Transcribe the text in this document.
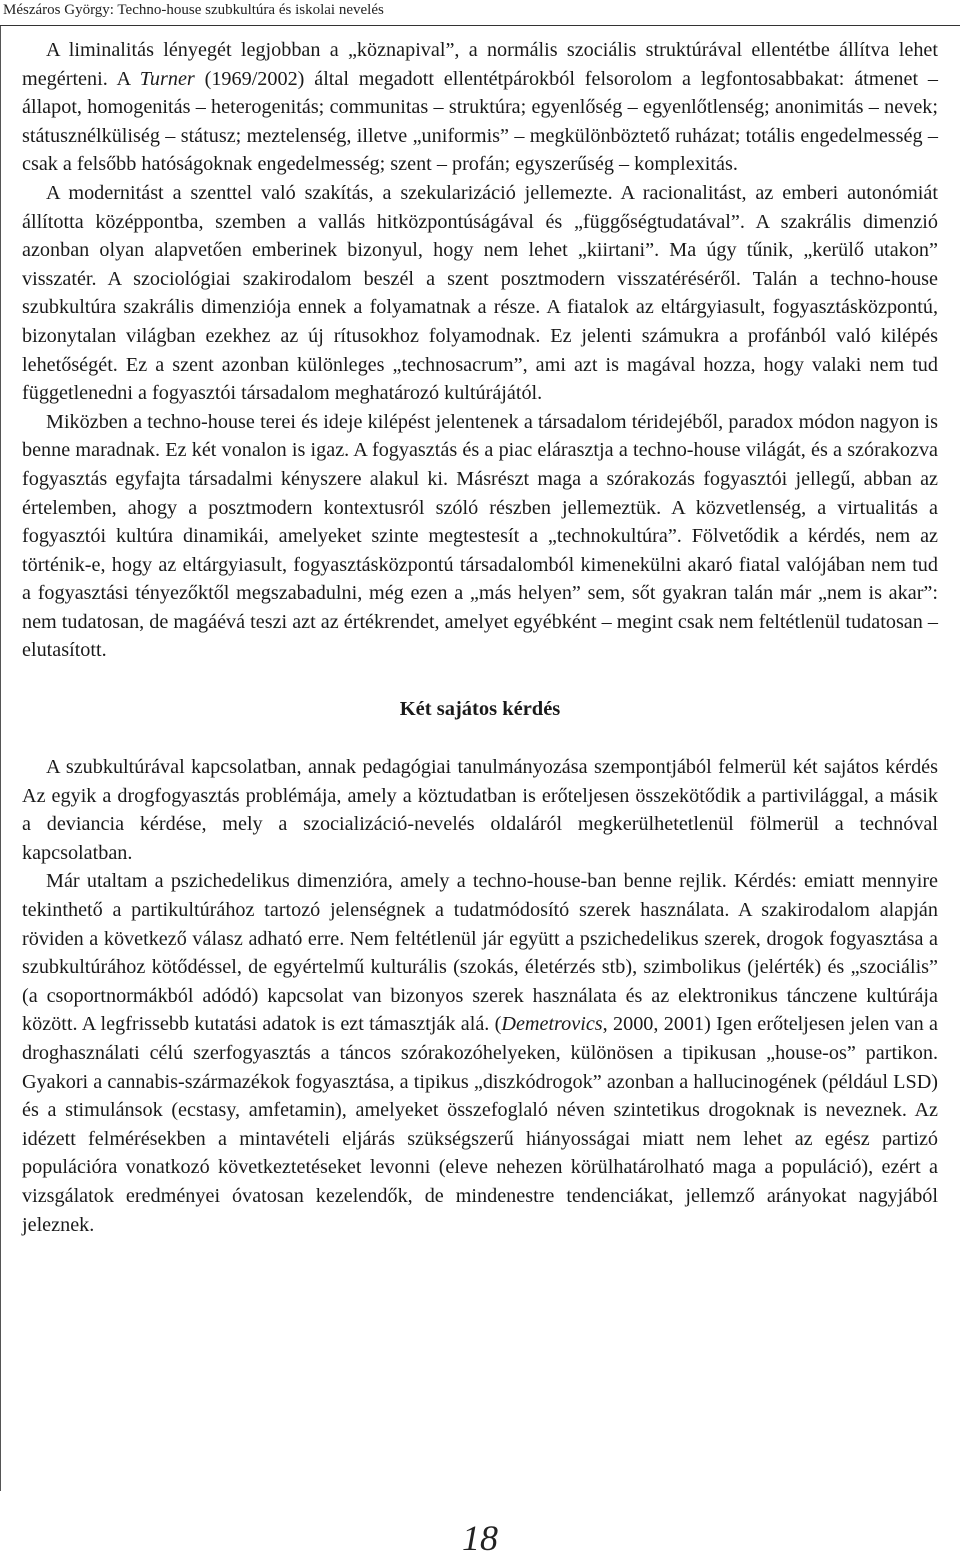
Mészáros György: Techno-house szubkultúra és iskolai nevelés

A liminalitás lényegét legjobban a „köznapival”, a normális szociális struktúrával ellentétbe állítva lehet megérteni. A Turner (1969/2002) által megadott ellentétpárokból felsorolom a legfontosabbakat: átmenet – állapot, homogenitás – heterogenitás; communitas – struktúra; egyenlőség – egyenlőtlenség; anonimitás – nevek; státusznélküliség – státusz; meztelenség, illetve „uniformis” – megkülönböztető ruházat; totális engedelmesség – csak a felsőbb hatóságoknak engedelmesség; szent – profán; egyszerűség – komplexitás.

A modernitást a szenttel való szakítás, a szekularizáció jellemezte. A racionalitást, az emberi autonómiát állította középpontba, szemben a vallás hitközpontúságával és „függőségtudatával”. A szakrális dimenzió azonban olyan alapvetően emberinek bizonyul, hogy nem lehet „kiirtani”. Ma úgy tűnik, „kerülő utakon” visszatér. A szociológiai szakirodalom beszél a szent posztmodern visszatéréséről. Talán a techno-house szubkultúra szakrális dimenziója ennek a folyamatnak a része. A fiatalok az eltárgyiasult, fogyasztásközpontú, bizonytalan világban ezekhez az új rítusokhoz folyamodnak. Ez jelenti számukra a profánból való kilépés lehetőségét. Ez a szent azonban különleges „technosacrum”, ami azt is magával hozza, hogy valaki nem tud függetlenedni a fogyasztói társadalom meghatározó kultúrájától.

Miközben a techno-house terei és ideje kilépést jelentenek a társadalom téridejéből, paradox módon nagyon is benne maradnak. Ez két vonalon is igaz. A fogyasztás és a piac elárasztja a techno-house világát, és a szórakozva fogyasztás egyfajta társadalmi kényszere alakul ki. Másrészt maga a szórakozás fogyasztói jellegű, abban az értelemben, ahogy a posztmodern kontextusról szóló részben jellemeztük. A közvetlenség, a virtualitás a fogyasztói kultúra dinamikái, amelyeket szinte megtestesít a „technokultúra”. Fölvetődik a kérdés, nem az történik-e, hogy az eltárgyiasult, fogyasztásközpontú társadalomból kimenekülni akaró fiatal valójában nem tud a fogyasztási tényezőktől megszabadulni, még ezen a „más helyen” sem, sőt gyakran talán már „nem is akar”: nem tudatosan, de magáévá teszi azt az értékrendet, amelyet egyébként – megint csak nem feltétlenül tudatosan – elutasított.

Két sajátos kérdés

A szubkultúrával kapcsolatban, annak pedagógiai tanulmányozása szempontjából felmerül két sajátos kérdés Az egyik a drogfogyasztás problémája, amely a köztudatban is erőteljesen összekötődik a partivilággal, a másik a deviancia kérdése, mely a szocializáció-nevelés oldaláról megkerülhetetlenül fölmerül a technóval kapcsolatban.

Már utaltam a pszichedelikus dimenzióra, amely a techno-house-ban benne rejlik. Kérdés: emiatt mennyire tekinthető a partikultúrához tartozó jelenségnek a tudatmódosító szerek használata. A szakirodalom alapján röviden a következő válasz adható erre. Nem feltétlenül jár együtt a pszichedelikus szerek, drogok fogyasztása a szubkultúrához kötődéssel, de egyértelmű kulturális (szokás, életérzés stb), szimbolikus (jelérték) és „szociális” (a csoportnormákból adódó) kapcsolat van bizonyos szerek használata és az elektronikus tánczene kultúrája között. A legfrissebb kutatási adatok is ezt támasztják alá. (Demetrovics, 2000, 2001) Igen erőteljesen jelen van a droghasználati célú szerfogyasztás a táncos szórakozóhelyeken, különösen a tipikusan „house-os” partikon. Gyakori a cannabis-származékok fogyasztása, a tipikus „diszkódrogok” azonban a hallucinogének (például LSD) és a stimulánsok (ecstasy, amfetamin), amelyeket összefoglaló néven szintetikus drogoknak is neveznek. Az idézett felmérésekben a mintavételi eljárás szükségszerű hiányosságai miatt nem lehet az egész partizó populációra vonatkozó következtetéseket levonni (eleve nehezen körülhatárolható maga a populáció), ezért a vizsgálatok eredményei óvatosan kezelendők, de mindenestre tendenciákat, jellemző arányokat nagyjából jeleznek.

18
